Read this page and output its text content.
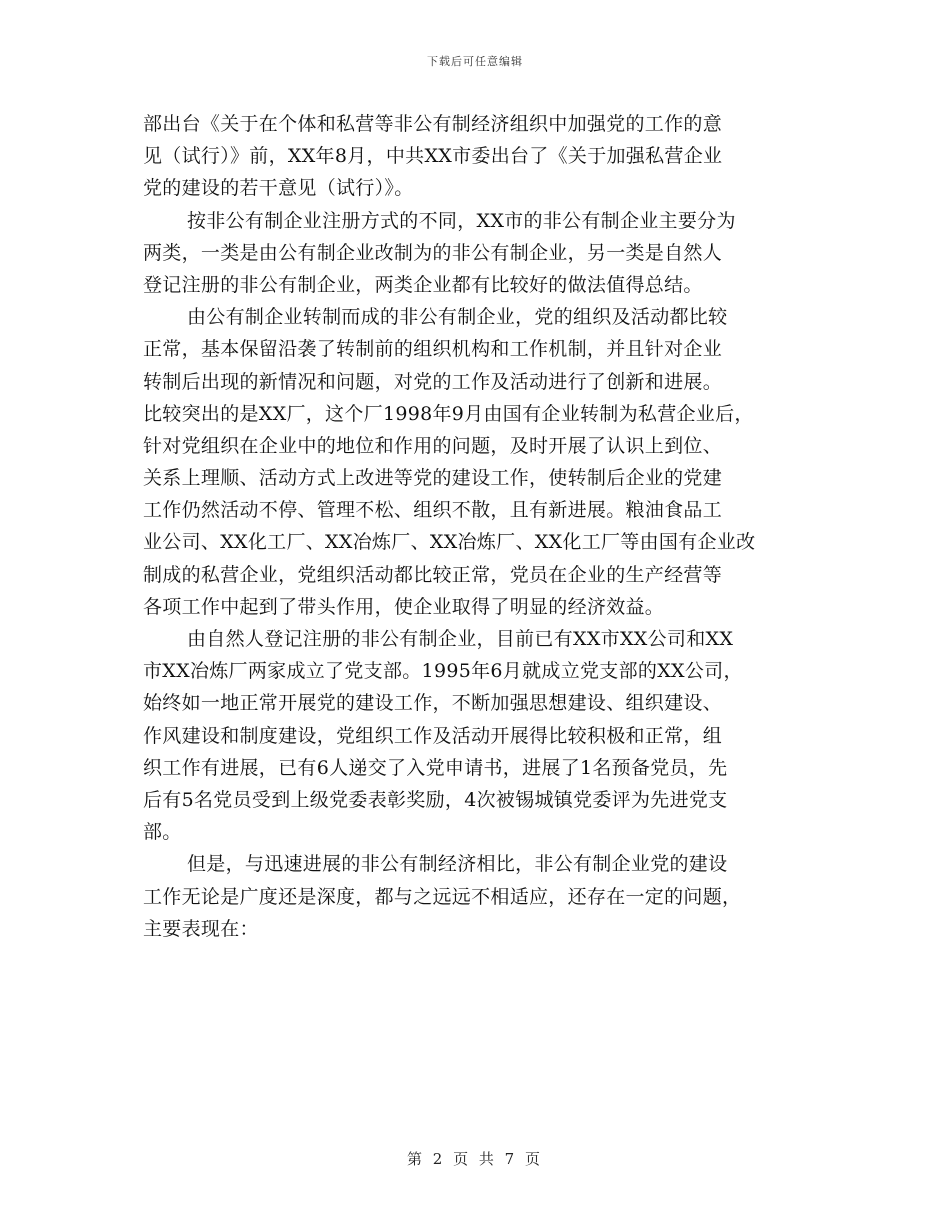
下载后可任意编辑
部出台《关于在个体和私营等非公有制经济组织中加强党的工作的意
见（试行）》前，XX年8月，中共XX市委出台了《关于加强私营企业
党的建设的若干意见（试行）》。
按非公有制企业注册方式的不同，XX市的非公有制企业主要分为
两类，一类是由公有制企业改制为的非公有制企业，另一类是自然人
登记注册的非公有制企业，两类企业都有比较好的做法值得总结。
由公有制企业转制而成的非公有制企业，党的组织及活动都比较
正常，基本保留沿袭了转制前的组织机构和工作机制，并且针对企业
转制后出现的新情况和问题，对党的工作及活动进行了创新和进展。
比较突出的是XX厂，这个厂1998年9月由国有企业转制为私营企业后，
针对党组织在企业中的地位和作用的问题，及时开展了认识上到位、
关系上理顺、活动方式上改进等党的建设工作，使转制后企业的党建
工作仍然活动不停、管理不松、组织不散，且有新进展。粮油食品工
业公司、XX化工厂、XX冶炼厂、XX冶炼厂、XX化工厂等由国有企业改
制成的私营企业，党组织活动都比较正常，党员在企业的生产经营等
各项工作中起到了带头作用，使企业取得了明显的经济效益。
由自然人登记注册的非公有制企业，目前已有XX市XX公司和XX
市XX冶炼厂两家成立了党支部。1995年6月就成立党支部的XX公司，
始终如一地正常开展党的建设工作，不断加强思想建设、组织建设、
作风建设和制度建设，党组织工作及活动开展得比较积极和正常，组
织工作有进展，已有6人递交了入党申请书，进展了1名预备党员，先
后有5名党员受到上级党委表彰奖励，4次被锡城镇党委评为先进党支
部。
但是，与迅速进展的非公有制经济相比，非公有制企业党的建设
工作无论是广度还是深度，都与之远远不相适应，还存在一定的问题，
主要表现在：
第 2 页 共 7 页
